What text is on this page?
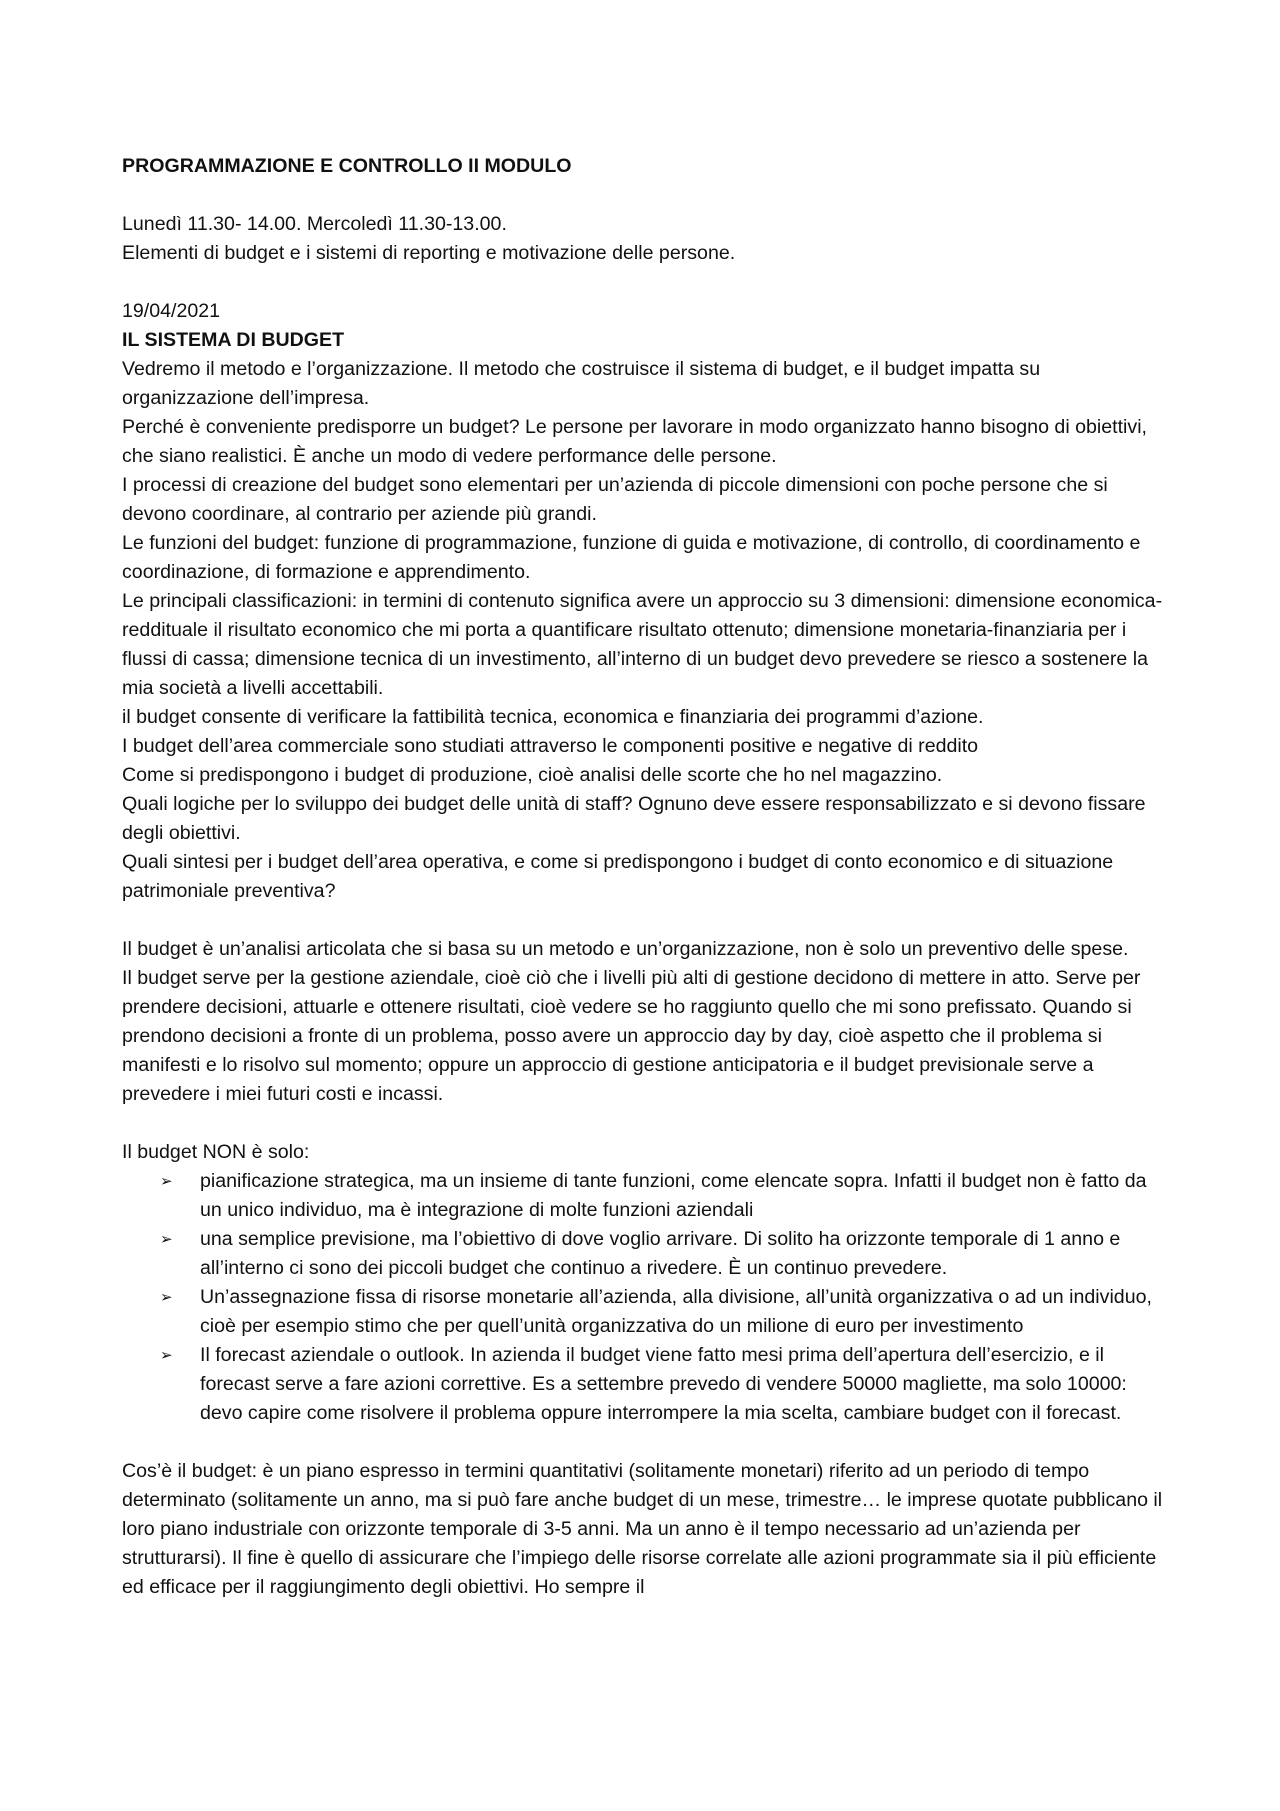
PROGRAMMAZIONE E CONTROLLO II MODULO
Lunedì 11.30- 14.00. Mercoledì 11.30-13.00.
Elementi di budget e i sistemi di reporting e motivazione delle persone.
19/04/2021
IL SISTEMA DI BUDGET

Vedremo il metodo e l’organizzazione. Il metodo che costruisce il sistema di budget, e il budget impatta su organizzazione dell’impresa.

Perché è conveniente predisporre un budget? Le persone per lavorare in modo organizzato hanno bisogno di obiettivi, che siano realistici. È anche un modo di vedere performance delle persone.

I processi di creazione del budget sono elementari per un’azienda di piccole dimensioni con poche persone che si devono coordinare, al contrario per aziende più grandi.

Le funzioni del budget: funzione di programmazione, funzione di guida e motivazione, di controllo, di coordinamento e coordinazione, di formazione e apprendimento.

Le principali classificazioni: in termini di contenuto significa avere un approccio su 3 dimensioni: dimensione economica-reddituale il risultato economico che mi porta a quantificare risultato ottenuto; dimensione monetaria-finanziaria per i flussi di cassa; dimensione tecnica di un investimento, all’interno di un budget devo prevedere se riesco a sostenere la mia società a livelli accettabili.

il budget consente di verificare la fattibilità tecnica, economica e finanziaria dei programmi d’azione.

I budget dell’area commerciale sono studiati attraverso le componenti positive e negative di reddito

Come si predispongono i budget di produzione, cioè analisi delle scorte che ho nel magazzino.

Quali logiche per lo sviluppo dei budget delle unità di staff? Ognuno deve essere responsabilizzato e si devono fissare degli obiettivi.

Quali sintesi per i budget dell’area operativa, e come si predispongono i budget di conto economico e di situazione patrimoniale preventiva?

Il budget è un’analisi articolata che si basa su un metodo e un’organizzazione, non è solo un preventivo delle spese.

Il budget serve per la gestione aziendale, cioè ciò che i livelli più alti di gestione decidono di mettere in atto. Serve per prendere decisioni, attuarle e ottenere risultati, cioè vedere se ho raggiunto quello che mi sono prefissato. Quando si prendono decisioni a fronte di un problema, posso avere un approccio day by day, cioè aspetto che il problema si manifesti e lo risolvo sul momento; oppure un approccio di gestione anticipatoria e il budget previsionale serve a prevedere i miei futuri costi e incassi.

Il budget NON è solo:
➢ pianificazione strategica, ma un insieme di tante funzioni, come elencate sopra. Infatti il budget non è fatto da un unico individuo, ma è integrazione di molte funzioni aziendali
➢ una semplice previsione, ma l’obiettivo di dove voglio arrivare. Di solito ha orizzonte temporale di 1 anno e all’interno ci sono dei piccoli budget che continuo a rivedere. È un continuo prevedere.
➢ Un’assegnazione fissa di risorse monetarie all’azienda, alla divisione, all’unità organizzativa o ad un individuo, cioè per esempio stimo che per quell’unità organizzativa do un milione di euro per investimento
➢ Il forecast aziendale o outlook. In azienda il budget viene fatto mesi prima dell’apertura dell’esercizio, e il forecast serve a fare azioni correttive. Es a settembre prevedo di vendere 50000 magliette, ma solo 10000: devo capire come risolvere il problema oppure interrompere la mia scelta, cambiare budget con il forecast.

Cos’è il budget: è un piano espresso in termini quantitativi (solitamente monetari) riferito ad un periodo di tempo determinato (solitamente un anno, ma si può fare anche budget di un mese, trimestre… le imprese quotate pubblicano il loro piano industriale con orizzonte temporale di 3-5 anni. Ma un anno è il tempo necessario ad un’azienda per strutturarsi). Il fine è quello di assicurare che l’impiego delle risorse correlate alle azioni programmate sia il più efficiente ed efficace per il raggiungimento degli obiettivi. Ho sempre il
